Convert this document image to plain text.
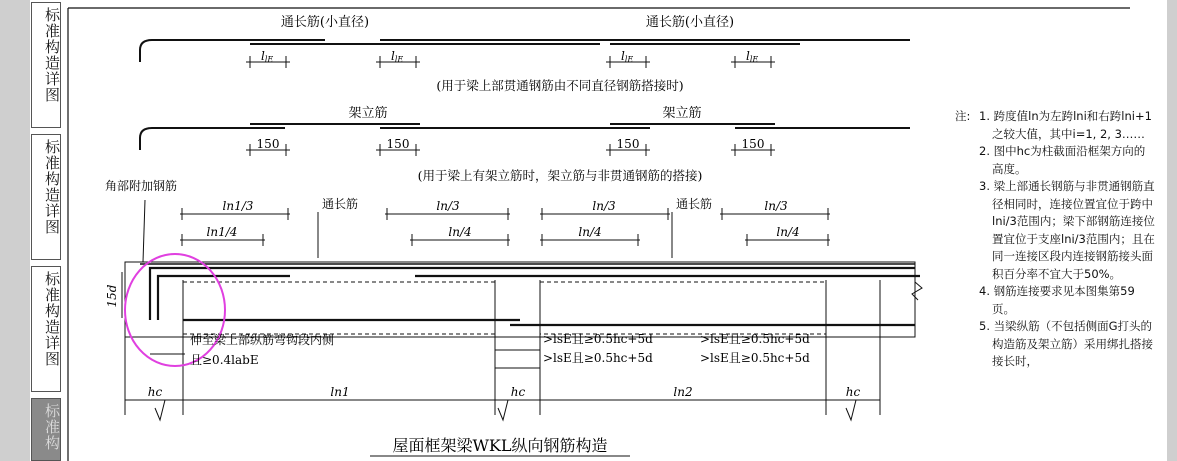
标准构造详图
标准构造详图
标准构造详图
标准构
通长筋(小直径)	通长筋(小直径)
llE	llE	llE	llE
(用于梁上部贯通钢筋由不同直径钢筋搭接时)
架立筋	架立筋
150	150	150	150
(用于梁上有架立筋时，架立筋与非贯通钢筋的搭接)
角部附加钢筋
通长筋	通长筋
ln1/3
ln1/4
ln/3
ln/4
ln/3
ln/4
ln/3
ln/4
15d
伸至梁上部纵筋弯钩段内侧
且≥0.4labE
>lsE且≥0.5hc+5d	>lsE且≥0.5hc+5d
>lsE且≥0.5hc+5d	>lsE且≥0.5hc+5d
hc	ln1	hc	ln2	hc
屋面框架梁WKL纵向钢筋构造
注: 1. 跨度值ln为左跨lni和右跨lni+1之较大值，其中i=1, 2, 3……
2. 图中hc为柱截面沿框架方向的高度。
3. 梁上部通长钢筋与非贯通钢筋直径相同时，连接位置宜位于跨中lni/3范围内；梁下部钢筋连接位置宜位于支座lni/3范围内；且在同一连接区段内连接钢筋接头面积百分率不宜大于50%。
4. 钢筋连接要求见本图集第59页。
5. 当梁纵筋（不包括侧面G打头的构造筋及架立筋）采用绑扎搭接接长时，
